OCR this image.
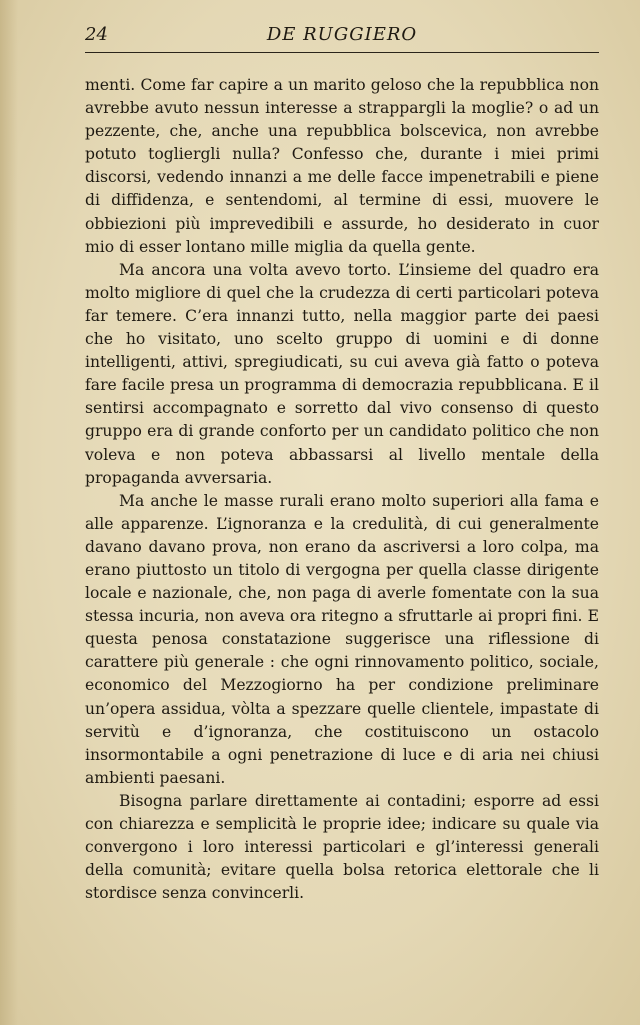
24	DE RUGGIERO

menti. Come far capire a un marito geloso che la repubblica non avrebbe avuto nessun interesse a strappargli la moglie? o ad un pezzente, che, anche una repubblica bolscevica, non avrebbe potuto togliergli nulla? Confesso che, durante i miei primi discorsi, vedendo innanzi a me delle facce impenetrabili e piene di diffidenza, e sentendomi, al termine di essi, muovere le obbiezioni più imprevedibili e assurde, ho desiderato in cuor mio di esser lontano mille miglia da quella gente.

Ma ancora una volta avevo torto. L’insieme del quadro era molto migliore di quel che la crudezza di certi particolari poteva far temere. C’era innanzi tutto, nella maggior parte dei paesi che ho visitato, uno scelto gruppo di uomini e di donne intelligenti, attivi, spregiudicati, su cui aveva già fatto o poteva fare facile presa un programma di democrazia repubblicana. E il sentirsi accompagnato e sorretto dal vivo consenso di questo gruppo era di grande conforto per un candidato politico che non voleva e non poteva abbassarsi al livello mentale della propaganda avversaria.

Ma anche le masse rurali erano molto superiori alla fama e alle apparenze. L’ignoranza e la credulità, di cui generalmente davano davano prova, non erano da ascriversi a loro colpa, ma erano piuttosto un titolo di vergogna per quella classe dirigente locale e nazionale, che, non paga di averle fomentate con la sua stessa incuria, non aveva ora ritegno a sfruttarle ai propri fini. E questa penosa constatazione suggerisce una riflessione di carattere più generale : che ogni rinnovamento politico, sociale, economico del Mezzogiorno ha per condizione preliminare un’opera assidua, vòlta a spezzare quelle clientele, impastate di servitù e d’ignoranza, che costituiscono un ostacolo insormontabile a ogni penetrazione di luce e di aria nei chiusi ambienti paesani.

Bisogna parlare direttamente ai contadini; esporre ad essi con chiarezza e semplicità le proprie idee; indicare su quale via convergono i loro interessi particolari e gl’interessi generali della comunità; evitare quella bolsa retorica elettorale che li stordisce senza convincerli.
